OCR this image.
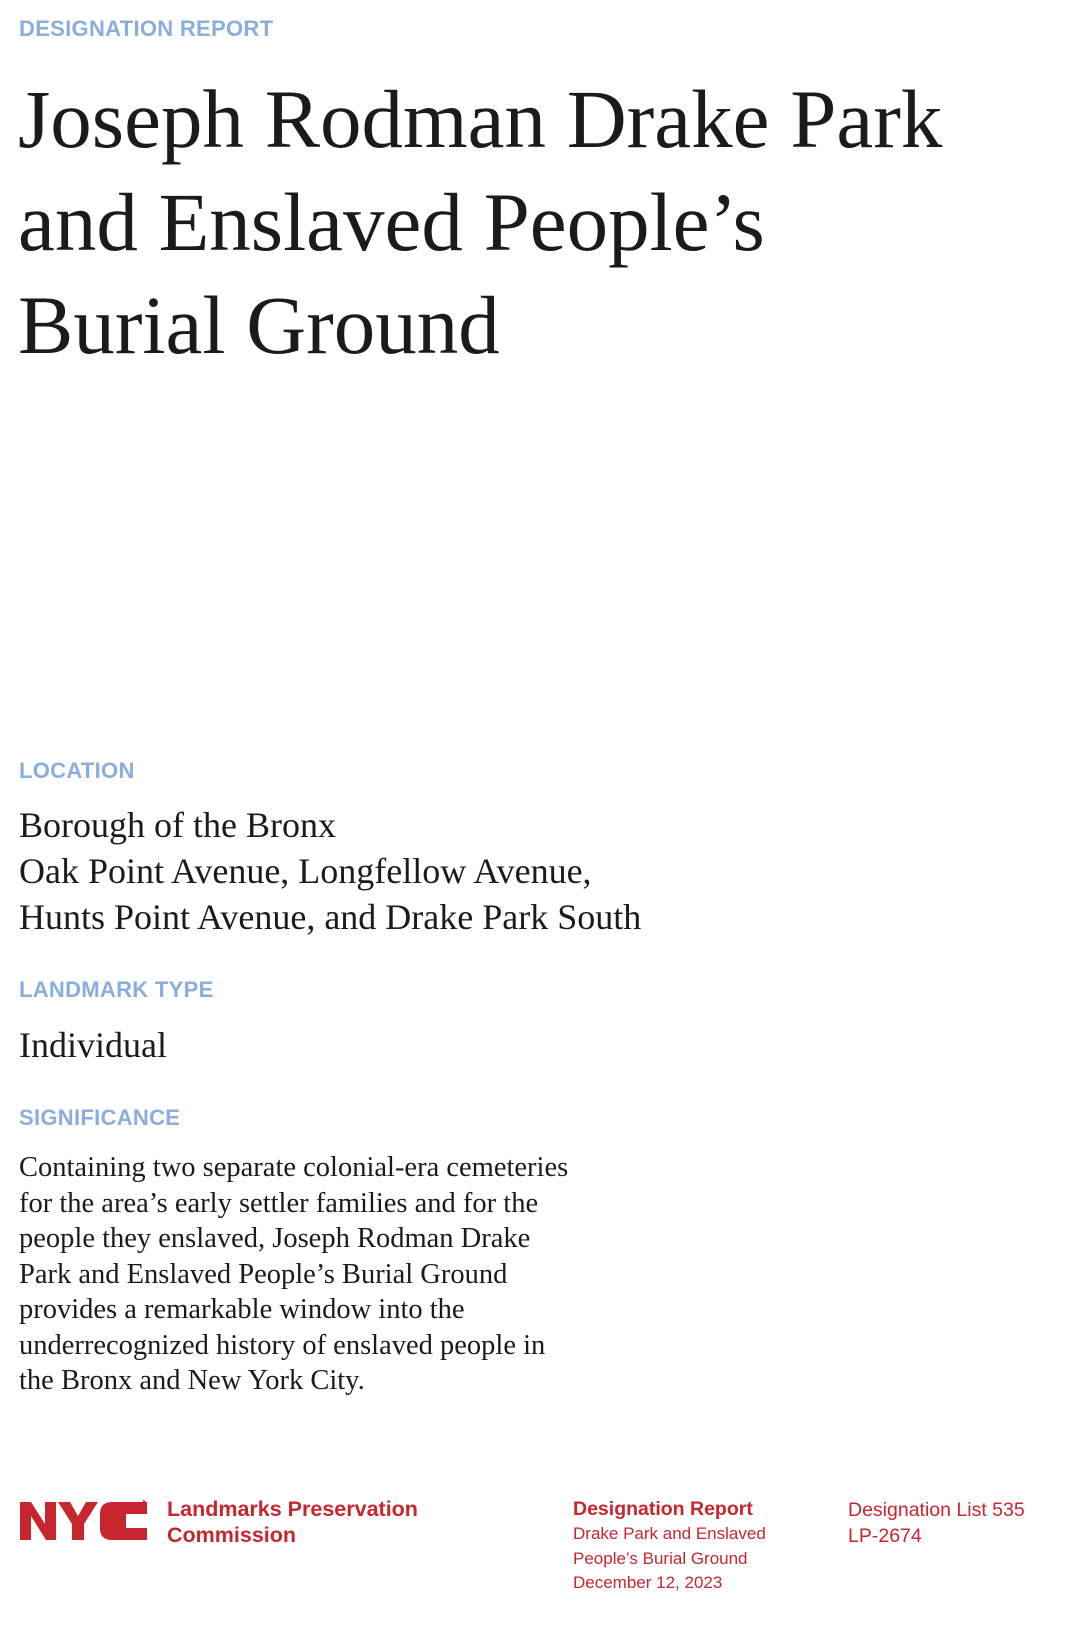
DESIGNATION REPORT
Joseph Rodman Drake Park
and Enslaved People’s
Burial Ground
LOCATION

Borough of the Bronx
Oak Point Avenue, Longfellow Avenue,
Hunts Point Avenue, and Drake Park South

LANDMARK TYPE

Individual

SIGNIFICANCE

Containing two separate colonial-era cemeteries
for the area’s early settler families and for the
people they enslaved, Joseph Rodman Drake
Park and Enslaved People’s Burial Ground
provides a remarkable window into the
underrecognized history of enslaved people in
the Bronx and New York City.

Landmarks Preservation
Commission

Designation Report
Drake Park and Enslaved
People’s Burial Ground
December 12, 2023
Designation List 535
LP-2674
